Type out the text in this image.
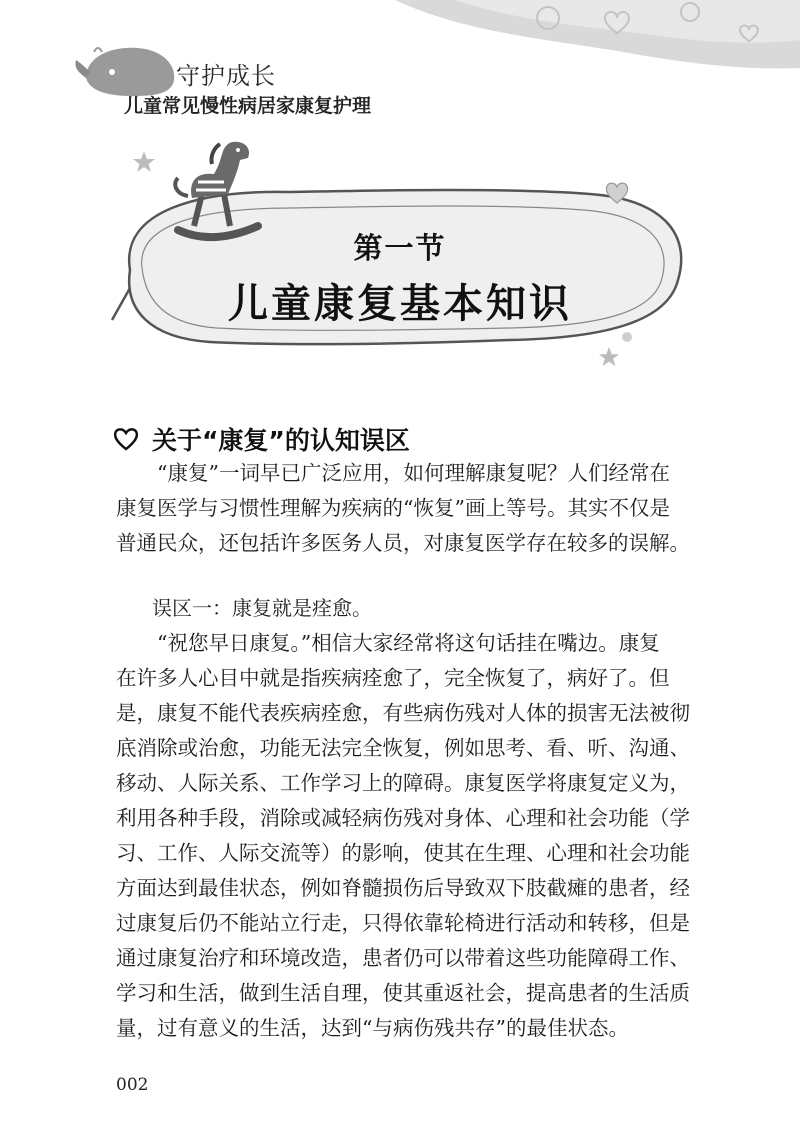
守护成长
儿童常见慢性病居家康复护理
第一节
儿童康复基本知识
关于“康复”的认知误区
“康复”一词早已广泛应用，如何理解康复呢？人们经常在
康复医学与习惯性理解为疾病的“恢复”画上等号。其实不仅是
普通民众，还包括许多医务人员，对康复医学存在较多的误解。
误区一：康复就是痊愈。
“祝您早日康复。”相信大家经常将这句话挂在嘴边。康复
在许多人心目中就是指疾病痊愈了，完全恢复了，病好了。但
是，康复不能代表疾病痊愈，有些病伤残对人体的损害无法被彻
底消除或治愈，功能无法完全恢复，例如思考、看、听、沟通、
移动、人际关系、工作学习上的障碍。康复医学将康复定义为，
利用各种手段，消除或减轻病伤残对身体、心理和社会功能（学
习、工作、人际交流等）的影响，使其在生理、心理和社会功能
方面达到最佳状态，例如脊髓损伤后导致双下肢截瘫的患者，经
过康复后仍不能站立行走，只得依靠轮椅进行活动和转移，但是
通过康复治疗和环境改造，患者仍可以带着这些功能障碍工作、
学习和生活，做到生活自理，使其重返社会，提高患者的生活质
量，过有意义的生活，达到“与病伤残共存”的最佳状态。
002
